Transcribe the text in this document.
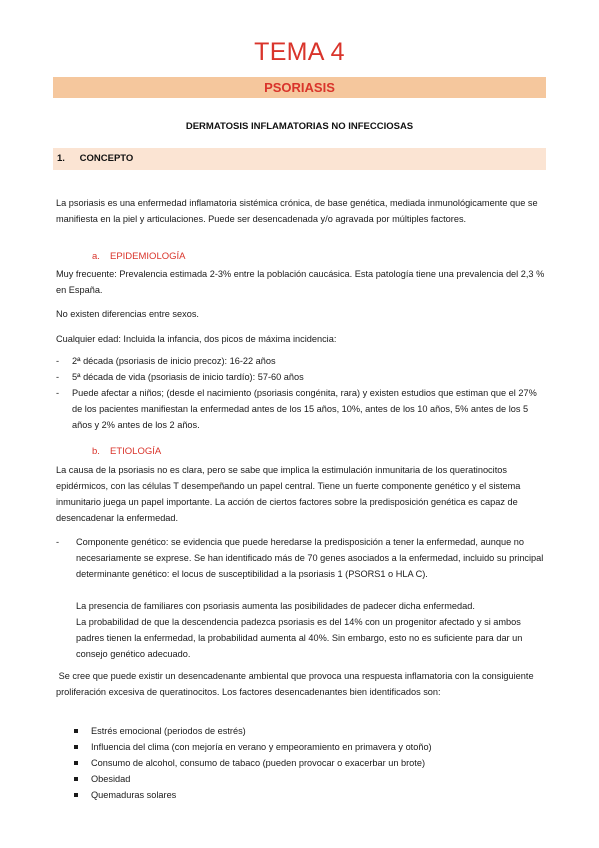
TEMA 4
PSORIASIS
DERMATOSIS INFLAMATORIAS NO INFECCIOSAS
1. CONCEPTO
La psoriasis es una enfermedad inflamatoria sistémica crónica, de base genética, mediada inmunológicamente que se manifiesta en la piel y articulaciones. Puede ser desencadenada y/o agravada por múltiples factores.
a. EPIDEMIOLOGÍA
Muy frecuente: Prevalencia estimada 2-3% entre la población caucásica. Esta patología tiene una prevalencia del 2,3 % en España.
No existen diferencias entre sexos.
Cualquier edad: Incluida la infancia, dos picos de máxima incidencia:
- 2ª década (psoriasis de inicio precoz): 16-22 años
- 5ª década de vida (psoriasis de inicio tardío): 57-60 años
- Puede afectar a niños; (desde el nacimiento (psoriasis congénita, rara) y existen estudios que estiman que el 27% de los pacientes manifiestan la enfermedad antes de los 15 años, 10%, antes de los 10 años, 5% antes de los 5 años y 2% antes de los 2 años.
b. ETIOLOGÍA
La causa de la psoriasis no es clara, pero se sabe que implica la estimulación inmunitaria de los queratinocitos epidérmicos, con las células T desempeñando un papel central. Tiene un fuerte componente genético y el sistema inmunitario juega un papel importante. La acción de ciertos factores sobre la predisposición genética es capaz de desencadenar la enfermedad.
- Componente genético: se evidencia que puede heredarse la predisposición a tener la enfermedad, aunque no necesariamente se exprese. Se han identificado más de 70 genes asociados a la enfermedad, incluido su principal determinante genético: el locus de susceptibilidad a la psoriasis 1 (PSORS1 o HLA C).
La presencia de familiares con psoriasis aumenta las posibilidades de padecer dicha enfermedad.
La probabilidad de que la descendencia padezca psoriasis es del 14% con un progenitor afectado y si ambos padres tienen la enfermedad, la probabilidad aumenta al 40%. Sin embargo, esto no es suficiente para dar un consejo genético adecuado.
Se cree que puede existir un desencadenante ambiental que provoca una respuesta inflamatoria con la consiguiente proliferación excesiva de queratinocitos. Los factores desencadenantes bien identificados son:
Estrés emocional (periodos de estrés)
Influencia del clima (con mejoría en verano y empeoramiento en primavera y otoño)
Consumo de alcohol, consumo de tabaco (pueden provocar o exacerbar un brote)
Obesidad
Quemaduras solares
